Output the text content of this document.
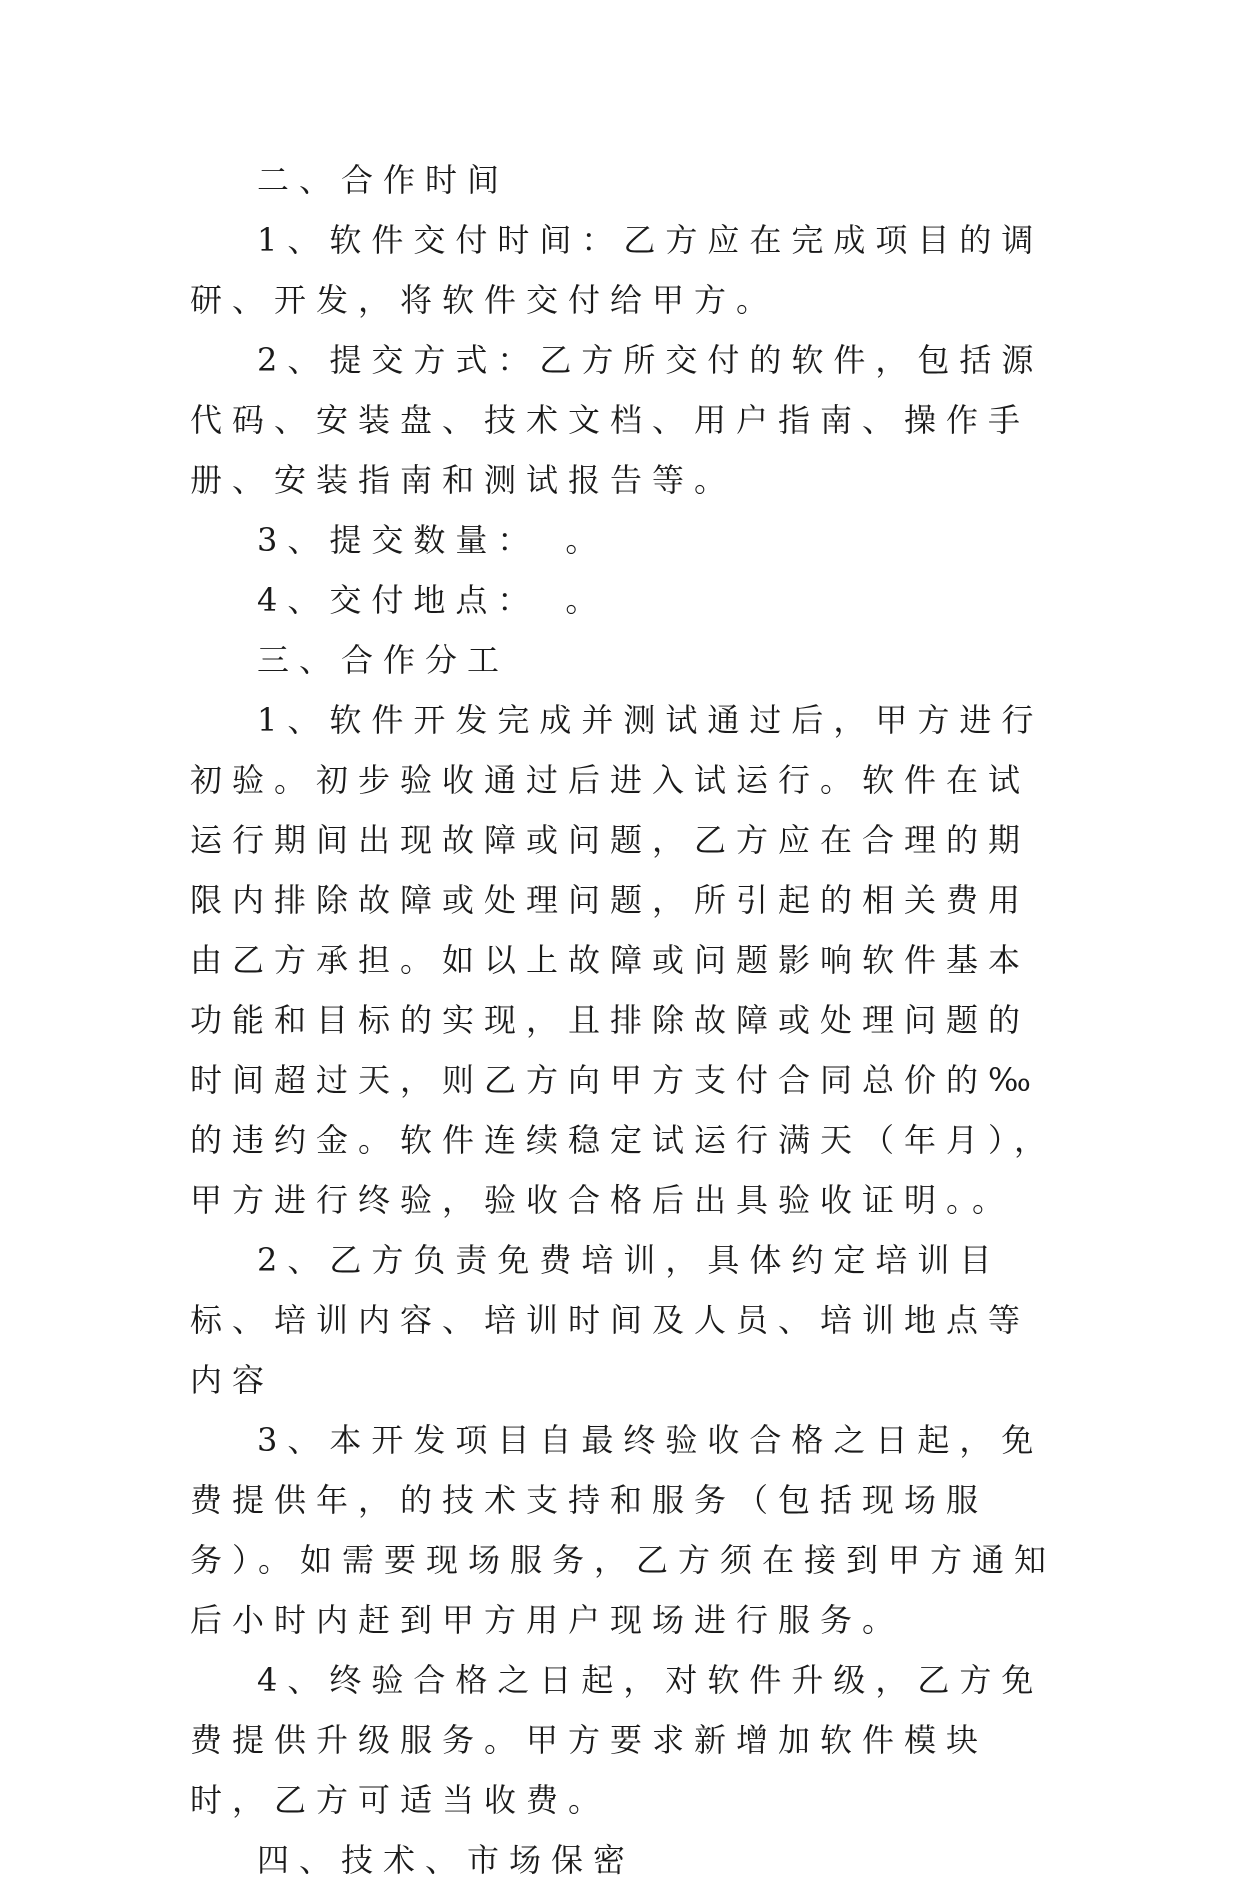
二、合作时间

1、软件交付时间：乙方应在完成项目的调研、开发，将软件交付给甲方。

2、提交方式：乙方所交付的软件，包括源代码、安装盘、技术文档、用户指南、操作手册、安装指南和测试报告等。

3、提交数量：　。

4、交付地点：　。

三、合作分工

1、软件开发完成并测试通过后，甲方进行初验。初步验收通过后进入试运行。软件在试运行期间出现故障或问题，乙方应在合理的期限内排除故障或处理问题，所引起的相关费用由乙方承担。如以上故障或问题影响软件基本功能和目标的实现，且排除故障或处理问题的时间超过天，则乙方向甲方支付合同总价的‰的违约金。软件连续稳定试运行满天（年月），甲方进行终验，验收合格后出具验收证明。。

2、乙方负责免费培训，具体约定培训目标、培训内容、培训时间及人员、培训地点等内容

3、本开发项目自最终验收合格之日起，免费提供年，的技术支持和服务（包括现场服务）。如需要现场服务，乙方须在接到甲方通知后小时内赶到甲方用户现场进行服务。

4、终验合格之日起，对软件升级，乙方免费提供升级服务。甲方要求新增加软件模块时，乙方可适当收费。

四、技术、市场保密
